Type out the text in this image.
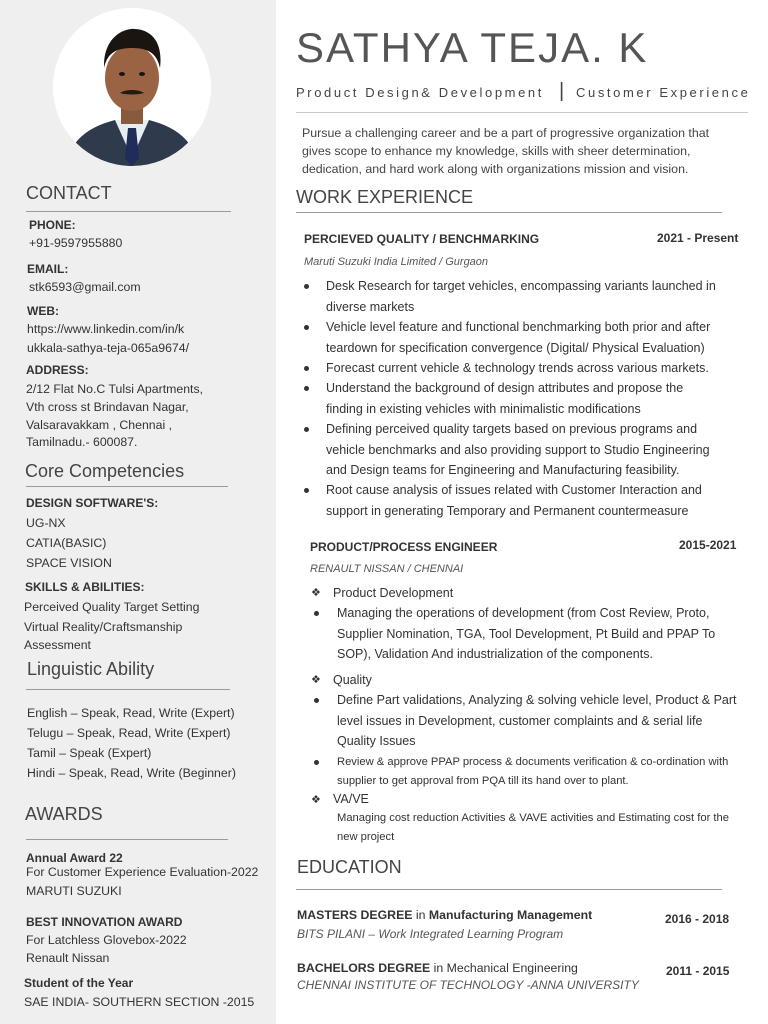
CONTACT
PHONE:
+91-9597955880
EMAIL:
stk6593@gmail.com
WEB:
https://www.linkedin.com/in/k
ukkala-sathya-teja-065a9674/
ADDRESS:
2/12 Flat No.C Tulsi Apartments,
Vth cross st Brindavan Nagar,
Valsaravakkam , Chennai ,
Tamilnadu.- 600087.
Core Competencies
DESIGN SOFTWARE'S:
UG-NX
CATIA(BASIC)
SPACE VISION
SKILLS & ABILITIES:
Perceived Quality Target Setting
Virtual Reality/Craftsmanship
Assessment
Linguistic Ability
English – Speak, Read, Write (Expert)
Telugu – Speak, Read, Write (Expert)
Tamil – Speak (Expert)
Hindi – Speak, Read, Write (Beginner)
AWARDS
Annual Award 22
For Customer Experience Evaluation-2022
MARUTI SUZUKI
BEST INNOVATION AWARD
For Latchless Glovebox-2022
Renault Nissan
Student of the Year
SAE INDIA- SOUTHERN SECTION -2015
SATHYA TEJA. K
Product Design& Development | Customer Experience
Pursue a challenging career and be a part of progressive organization that gives scope to enhance my knowledge, skills with sheer determination, dedication, and hard work along with organizations mission and vision.
WORK EXPERIENCE
PERCIEVED QUALITY / BENCHMARKING	2021 - Present
Maruti Suzuki India Limited / Gurgaon
Desk Research for target vehicles, encompassing variants launched in diverse markets
Vehicle level feature and functional benchmarking both prior and after teardown for specification convergence (Digital/ Physical Evaluation)
Forecast current vehicle & technology trends across various markets.
Understand the background of design attributes and propose the finding in existing vehicles with minimalistic modifications
Defining perceived quality targets based on previous programs and vehicle benchmarks and also providing support to Studio Engineering and Design teams for Engineering and Manufacturing feasibility.
Root cause analysis of issues related with Customer Interaction and support in generating Temporary and Permanent countermeasure
PRODUCT/PROCESS ENGINEER	2015-2021
RENAULT NISSAN / CHENNAI
❖ Product Development
Managing the operations of development (from Cost Review, Proto, Supplier Nomination, TGA, Tool Development, Pt Build and PPAP To SOP), Validation And industrialization of the components.
❖ Quality
Define Part validations, Analyzing & solving vehicle level, Product & Part level issues in Development, customer complaints and & serial life Quality Issues
Review & approve PPAP process & documents verification & co-ordination with supplier to get approval from PQA till its hand over to plant.
❖ VA/VE
Managing cost reduction Activities & VAVE activities and Estimating cost for the new project
EDUCATION
MASTERS DEGREE in Manufacturing Management
BITS PILANI – Work Integrated Learning Program
2016 - 2018
BACHELORS DEGREE in Mechanical Engineering
CHENNAI INSTITUTE OF TECHNOLOGY -ANNA UNIVERSITY
2011 - 2015
